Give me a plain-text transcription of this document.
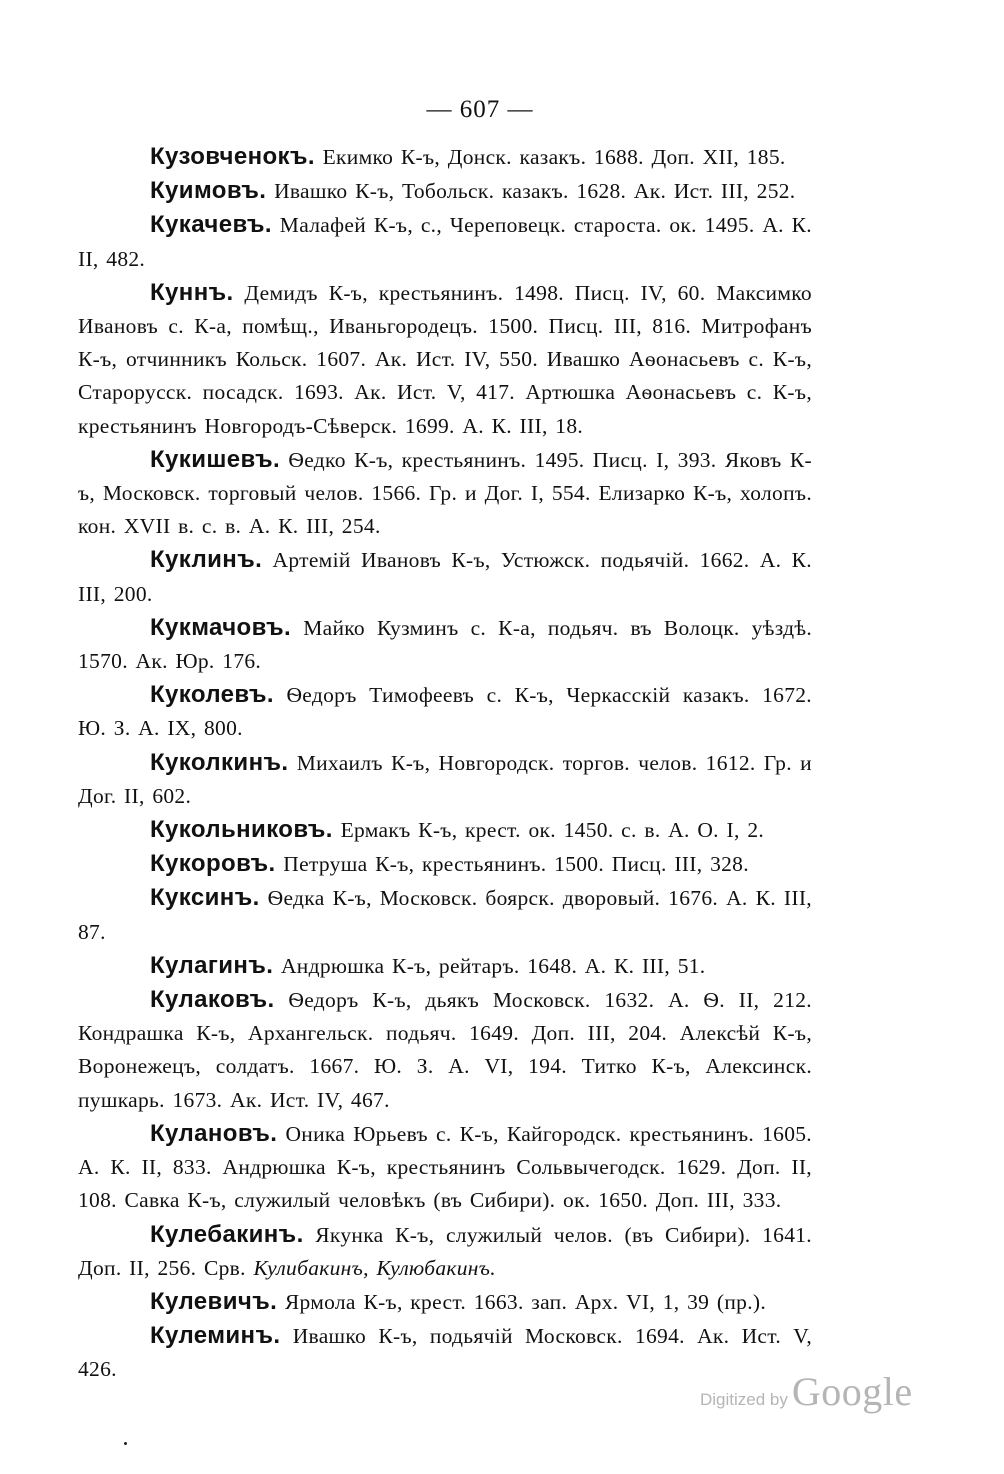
— 607 —

Кузовченокъ. Екимко К-ъ, Донск. казакъ. 1688. Доп. XII, 185.

Куимовъ. Ивашко К-ъ, Тобольск. казакъ. 1628. Ак. Ист. III, 252.

Кукачевъ. Малафей К-ъ, с., Череповецк. староста. ок. 1495. А. К. II, 482.

Куннъ. Демидъ К-ъ, крестьянинъ. 1498. Писц. IV, 60. Максимко Ивановъ с. К-а, помѣщ., Иваньгородецъ. 1500. Писц. III, 816. Митрофанъ К-ъ, отчинникъ Кольск. 1607. Ак. Ист. IV, 550. Ивашко Аѳонасьевъ с. К-ъ, Старорусск. посадск. 1693. Ак. Ист. V, 417. Артюшка Аѳонасьевъ с. К-ъ, крестьянинъ Новгородъ-Сѣверск. 1699. А. К. III, 18.

Кукишевъ. Ѳедко К-ъ, крестьянинъ. 1495. Писц. I, 393. Яковъ К-ъ, Московск. торговый челов. 1566. Гр. и Дог. I, 554. Елизарко К-ъ, холопъ. кон. XVII в. с. в. А. К. III, 254.

Куклинъ. Артемій Ивановъ К-ъ, Устюжск. подьячій. 1662. А. К. III, 200.

Кукмачовъ. Майко Кузминъ с. К-а, подьяч. въ Волоцк. уѣздѣ. 1570. Ак. Юр. 176.

Куколевъ. Ѳедоръ Тимофеевъ с. К-ъ, Черкасскій казакъ. 1672. Ю. З. А. IX, 800.

Куколкинъ. Михаилъ К-ъ, Новгородск. торгов. челов. 1612. Гр. и Дог. II, 602.

Кукольниковъ. Ермакъ К-ъ, крест. ок. 1450. с. в. А. О. I, 2.

Кукоровъ. Петруша К-ъ, крестьянинъ. 1500. Писц. III, 328.

Куксинъ. Ѳедка К-ъ, Московск. боярск. дворовый. 1676. А. К. III, 87.

Кулагинъ. Андрюшка К-ъ, рейтаръ. 1648. А. К. III, 51.

Кулаковъ. Ѳедоръ К-ъ, дьякъ Московск. 1632. А. Ѳ. II, 212. Кондрашка К-ъ, Архангельск. подьяч. 1649. Доп. III, 204. Алексѣй К-ъ, Воронежецъ, солдатъ. 1667. Ю. З. А. VI, 194. Титко К-ъ, Алексинск. пушкарь. 1673. Ак. Ист. IV, 467.

Кулановъ. Оника Юрьевъ с. К-ъ, Кайгородск. крестьянинъ. 1605. А. К. II, 833. Андрюшка К-ъ, крестьянинъ Сольвычегодск. 1629. Доп. II, 108. Савка К-ъ, служилый человѣкъ (въ Сибири). ок. 1650. Доп. III, 333.

Кулебакинъ. Якунка К-ъ, служилый челов. (въ Сибири). 1641. Доп. II, 256. Срв. Кулибакинъ, Кулюбакинъ.

Кулевичъ. Ярмола К-ъ, крест. 1663. зап. Арх. VI, 1, 39 (пр.).

Кулеминъ. Ивашко К-ъ, подьячій Московск. 1694. Ак. Ист. V, 426.

Digitized by Google
